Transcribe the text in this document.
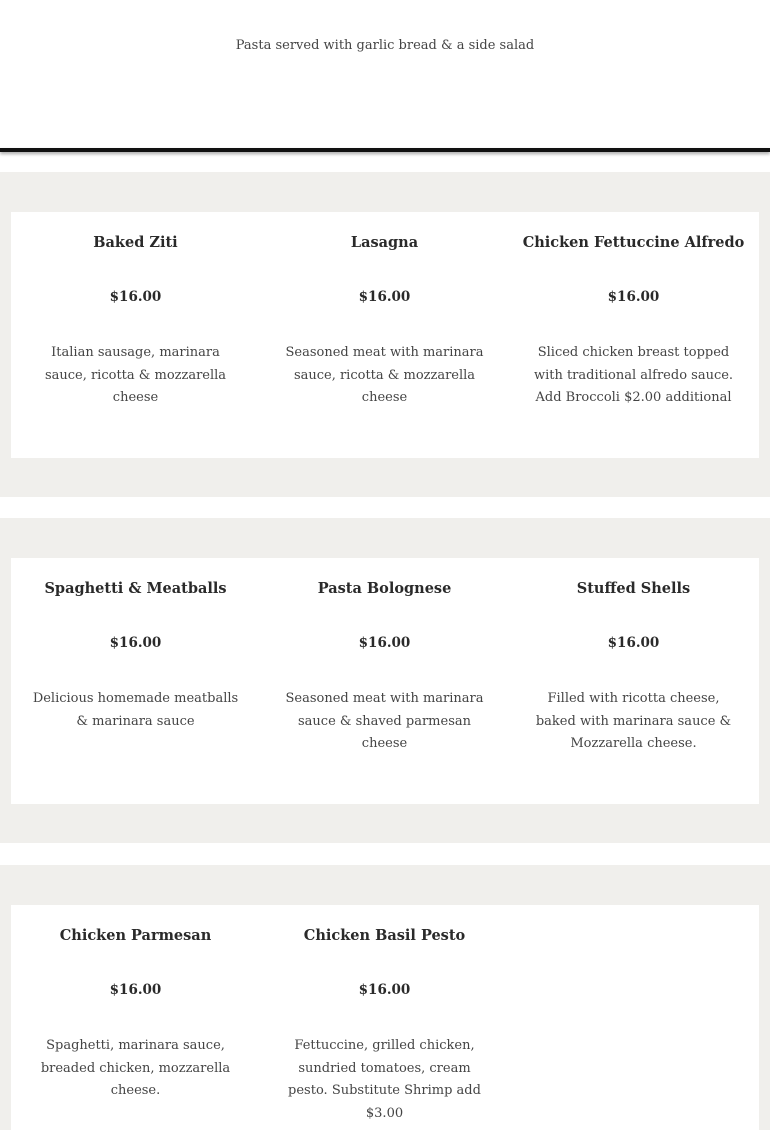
Pasta served with garlic bread & a side salad
Baked Ziti
$16.00
Italian sausage, marinara sauce, ricotta & mozzarella cheese
Lasagna
$16.00
Seasoned meat with marinara sauce, ricotta & mozzarella cheese
Chicken Fettuccine Alfredo
$16.00
Sliced chicken breast topped with traditional alfredo sauce. Add Broccoli $2.00 additional
Spaghetti & Meatballs
$16.00
Delicious homemade meatballs & marinara sauce
Pasta Bolognese
$16.00
Seasoned meat with marinara sauce & shaved parmesan cheese
Stuffed Shells
$16.00
Filled with ricotta cheese, baked with marinara sauce & Mozzarella cheese.
Chicken Parmesan
$16.00
Spaghetti, marinara sauce, breaded chicken, mozzarella cheese.
Chicken Basil Pesto
$16.00
Fettuccine, grilled chicken, sundried tomatoes, cream pesto. Substitute Shrimp add $3.00
